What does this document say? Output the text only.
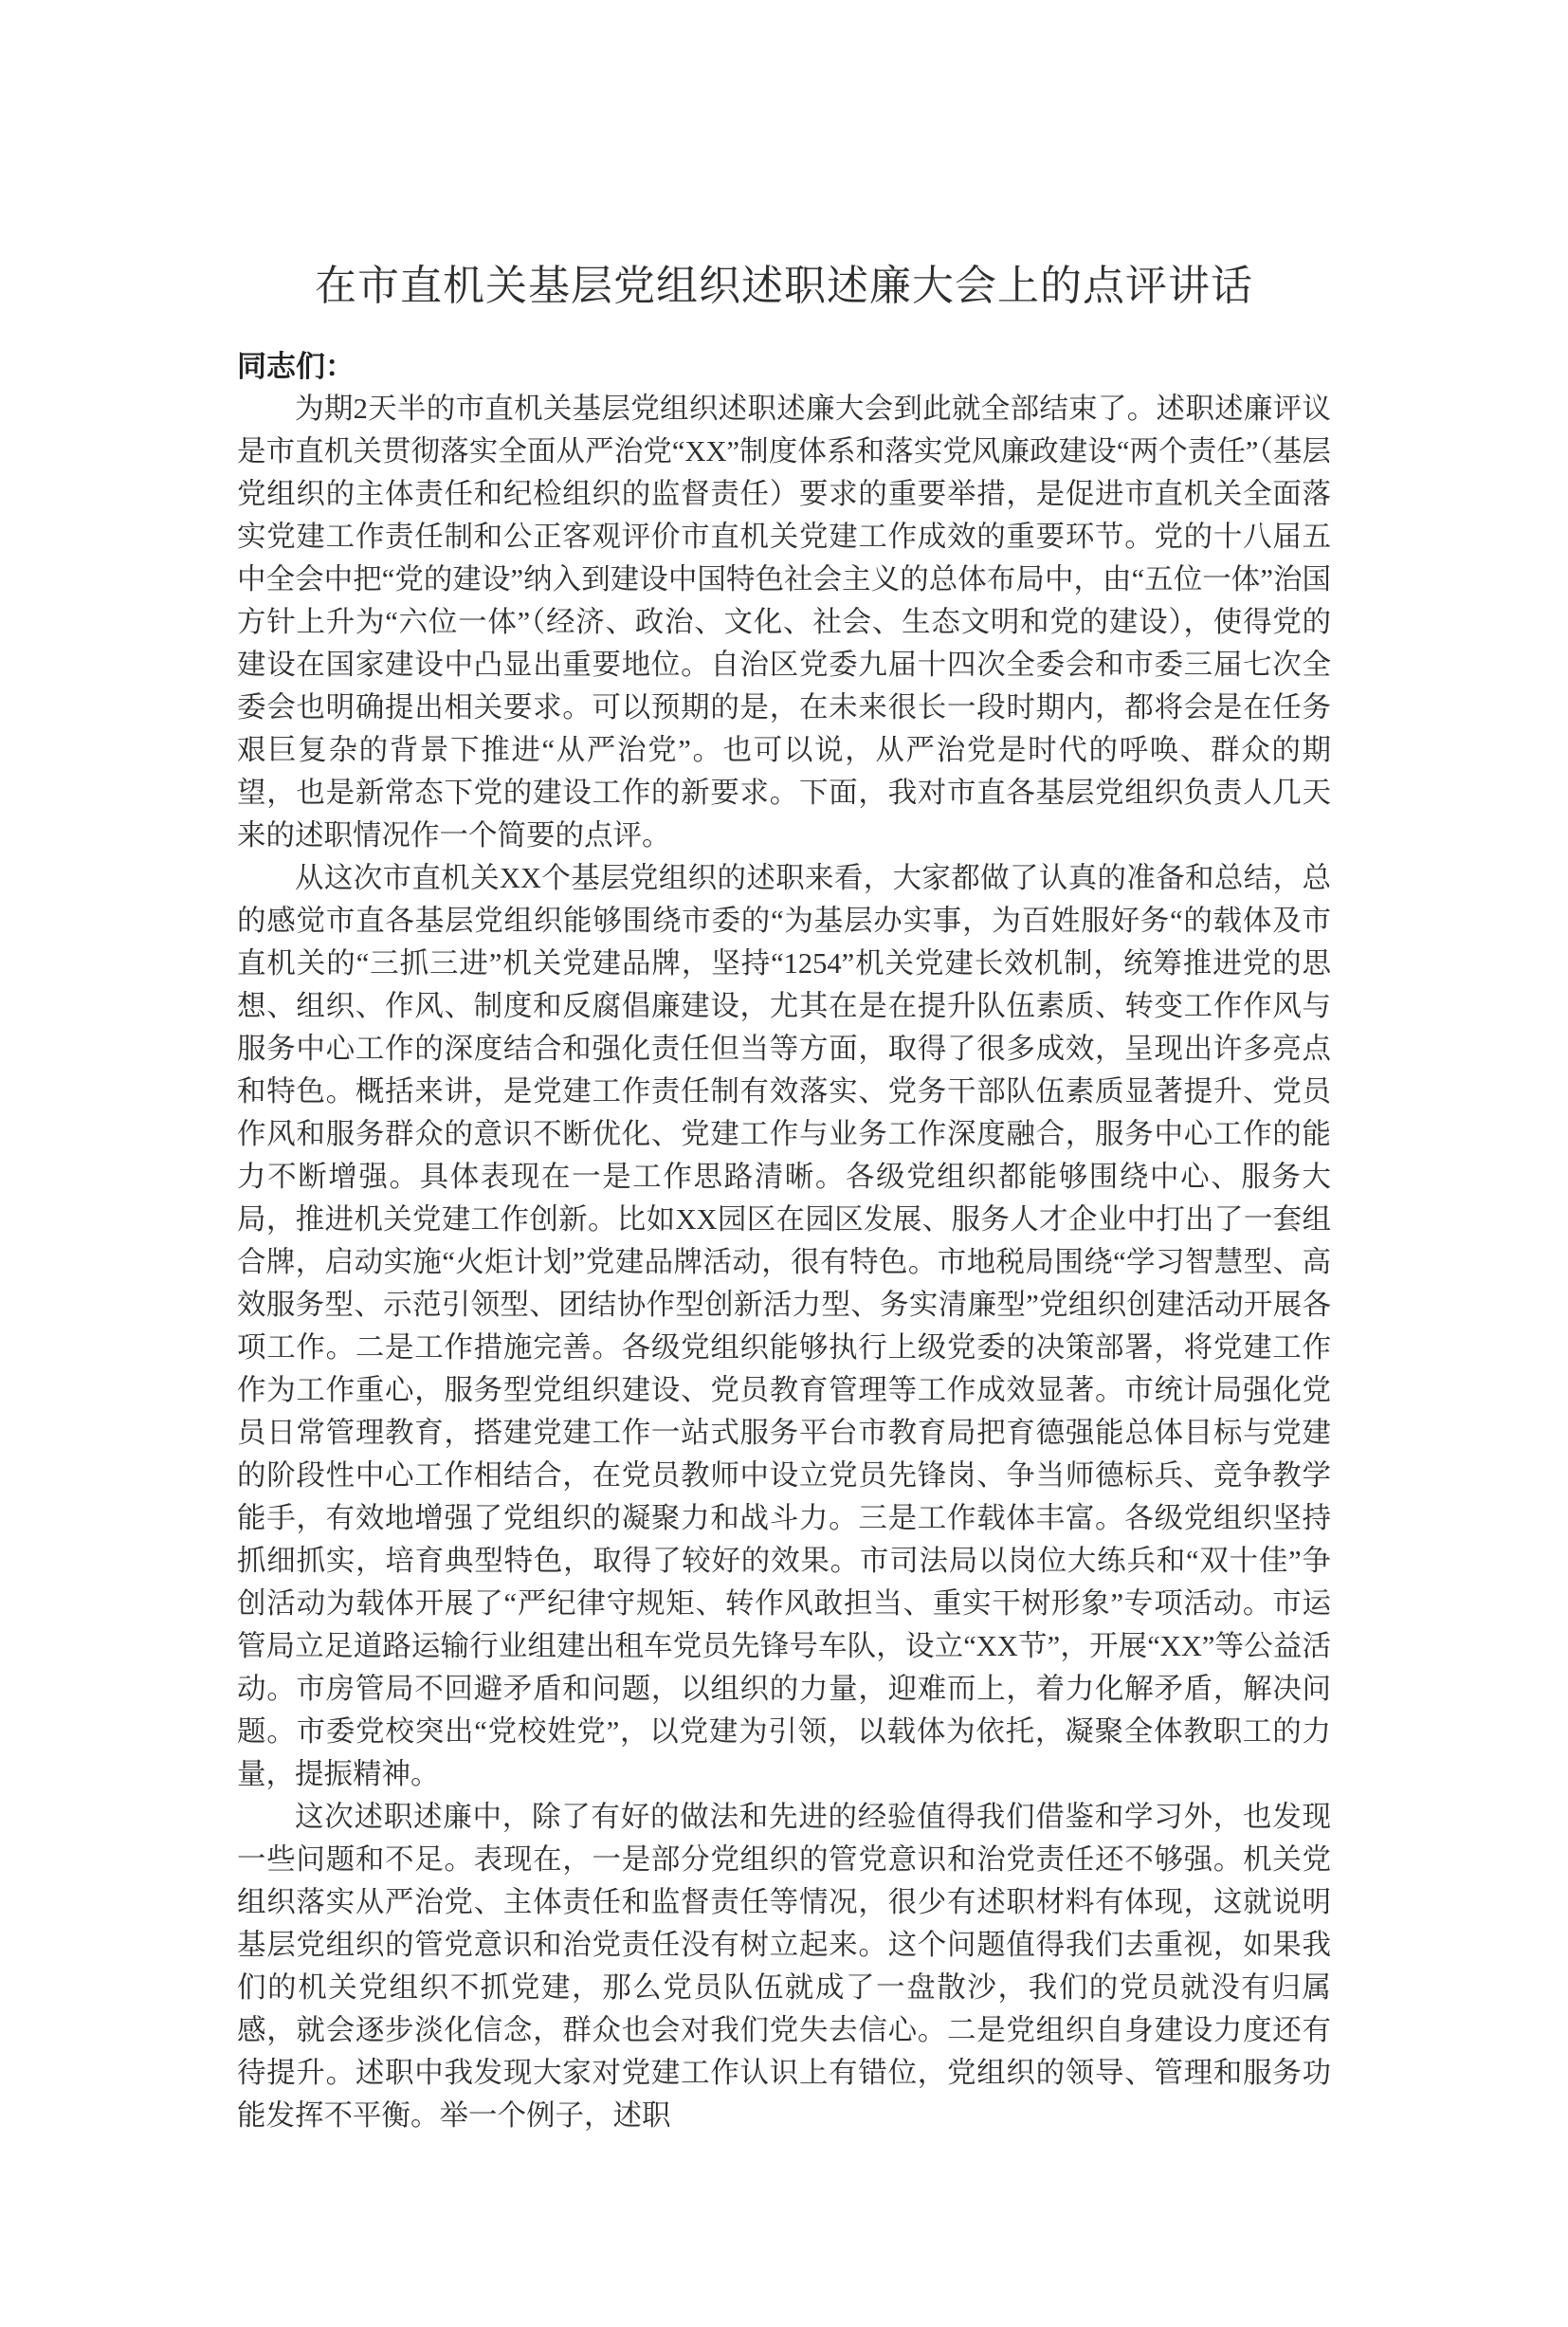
在市直机关基层党组织述职述廉大会上的点评讲话

同志们：

为期2天半的市直机关基层党组织述职述廉大会到此就全部结束了。述职述廉评议是市直机关贯彻落实全面从严治党“XX”制度体系和落实党风廉政建设“两个责任”（基层党组织的主体责任和纪检组织的监督责任）要求的重要举措，是促进市直机关全面落实党建工作责任制和公正客观评价市直机关党建工作成效的重要环节。党的十八届五中全会中把“党的建设”纳入到建设中国特色社会主义的总体布局中，由“五位一体”治国方针上升为“六位一体”（经济、政治、文化、社会、生态文明和党的建设），使得党的建设在国家建设中凸显出重要地位。自治区党委九届十四次全委会和市委三届七次全委会也明确提出相关要求。可以预期的是，在未来很长一段时期内，都将会是在任务艰巨复杂的背景下推进“从严治党”。也可以说，从严治党是时代的呼唤、群众的期望，也是新常态下党的建设工作的新要求。下面，我对市直各基层党组织负责人几天来的述职情况作一个简要的点评。

从这次市直机关XX个基层党组织的述职来看，大家都做了认真的准备和总结，总的感觉市直各基层党组织能够围绕市委的“为基层办实事，为百姓服好务“的载体及市直机关的“三抓三进”机关党建品牌，坚持“1254”机关党建长效机制，统筹推进党的思想、组织、作风、制度和反腐倡廉建设，尤其在是在提升队伍素质、转变工作作风与服务中心工作的深度结合和强化责任但当等方面，取得了很多成效，呈现出许多亮点和特色。概括来讲，是党建工作责任制有效落实、党务干部队伍素质显著提升、党员作风和服务群众的意识不断优化、党建工作与业务工作深度融合，服务中心工作的能力不断增强。具体表现在一是工作思路清晰。各级党组织都能够围绕中心、服务大局，推进机关党建工作创新。比如XX园区在园区发展、服务人才企业中打出了一套组合牌，启动实施“火炬计划”党建品牌活动，很有特色。市地税局围绕“学习智慧型、高效服务型、示范引领型、团结协作型创新活力型、务实清廉型”党组织创建活动开展各项工作。二是工作措施完善。各级党组织能够执行上级党委的决策部署，将党建工作作为工作重心，服务型党组织建设、党员教育管理等工作成效显著。市统计局强化党员日常管理教育，搭建党建工作一站式服务平台市教育局把育德强能总体目标与党建的阶段性中心工作相结合，在党员教师中设立党员先锋岗、争当师德标兵、竞争教学能手，有效地增强了党组织的凝聚力和战斗力。三是工作载体丰富。各级党组织坚持抓细抓实，培育典型特色，取得了较好的效果。市司法局以岗位大练兵和“双十佳”争创活动为载体开展了“严纪律守规矩、转作风敢担当、重实干树形象”专项活动。市运管局立足道路运输行业组建出租车党员先锋号车队，设立“XX节”，开展“XX”等公益活动。市房管局不回避矛盾和问题，以组织的力量，迎难而上，着力化解矛盾，解决问题。市委党校突出“党校姓党”，以党建为引领，以载体为依托，凝聚全体教职工的力量，提振精神。

这次述职述廉中，除了有好的做法和先进的经验值得我们借鉴和学习外，也发现一些问题和不足。表现在，一是部分党组织的管党意识和治党责任还不够强。机关党组织落实从严治党、主体责任和监督责任等情况，很少有述职材料有体现，这就说明基层党组织的管党意识和治党责任没有树立起来。这个问题值得我们去重视，如果我们的机关党组织不抓党建，那么党员队伍就成了一盘散沙，我们的党员就没有归属感，就会逐步淡化信念，群众也会对我们党失去信心。二是党组织自身建设力度还有待提升。述职中我发现大家对党建工作认识上有错位，党组织的领导、管理和服务功能发挥不平衡。举一个例子，述职
